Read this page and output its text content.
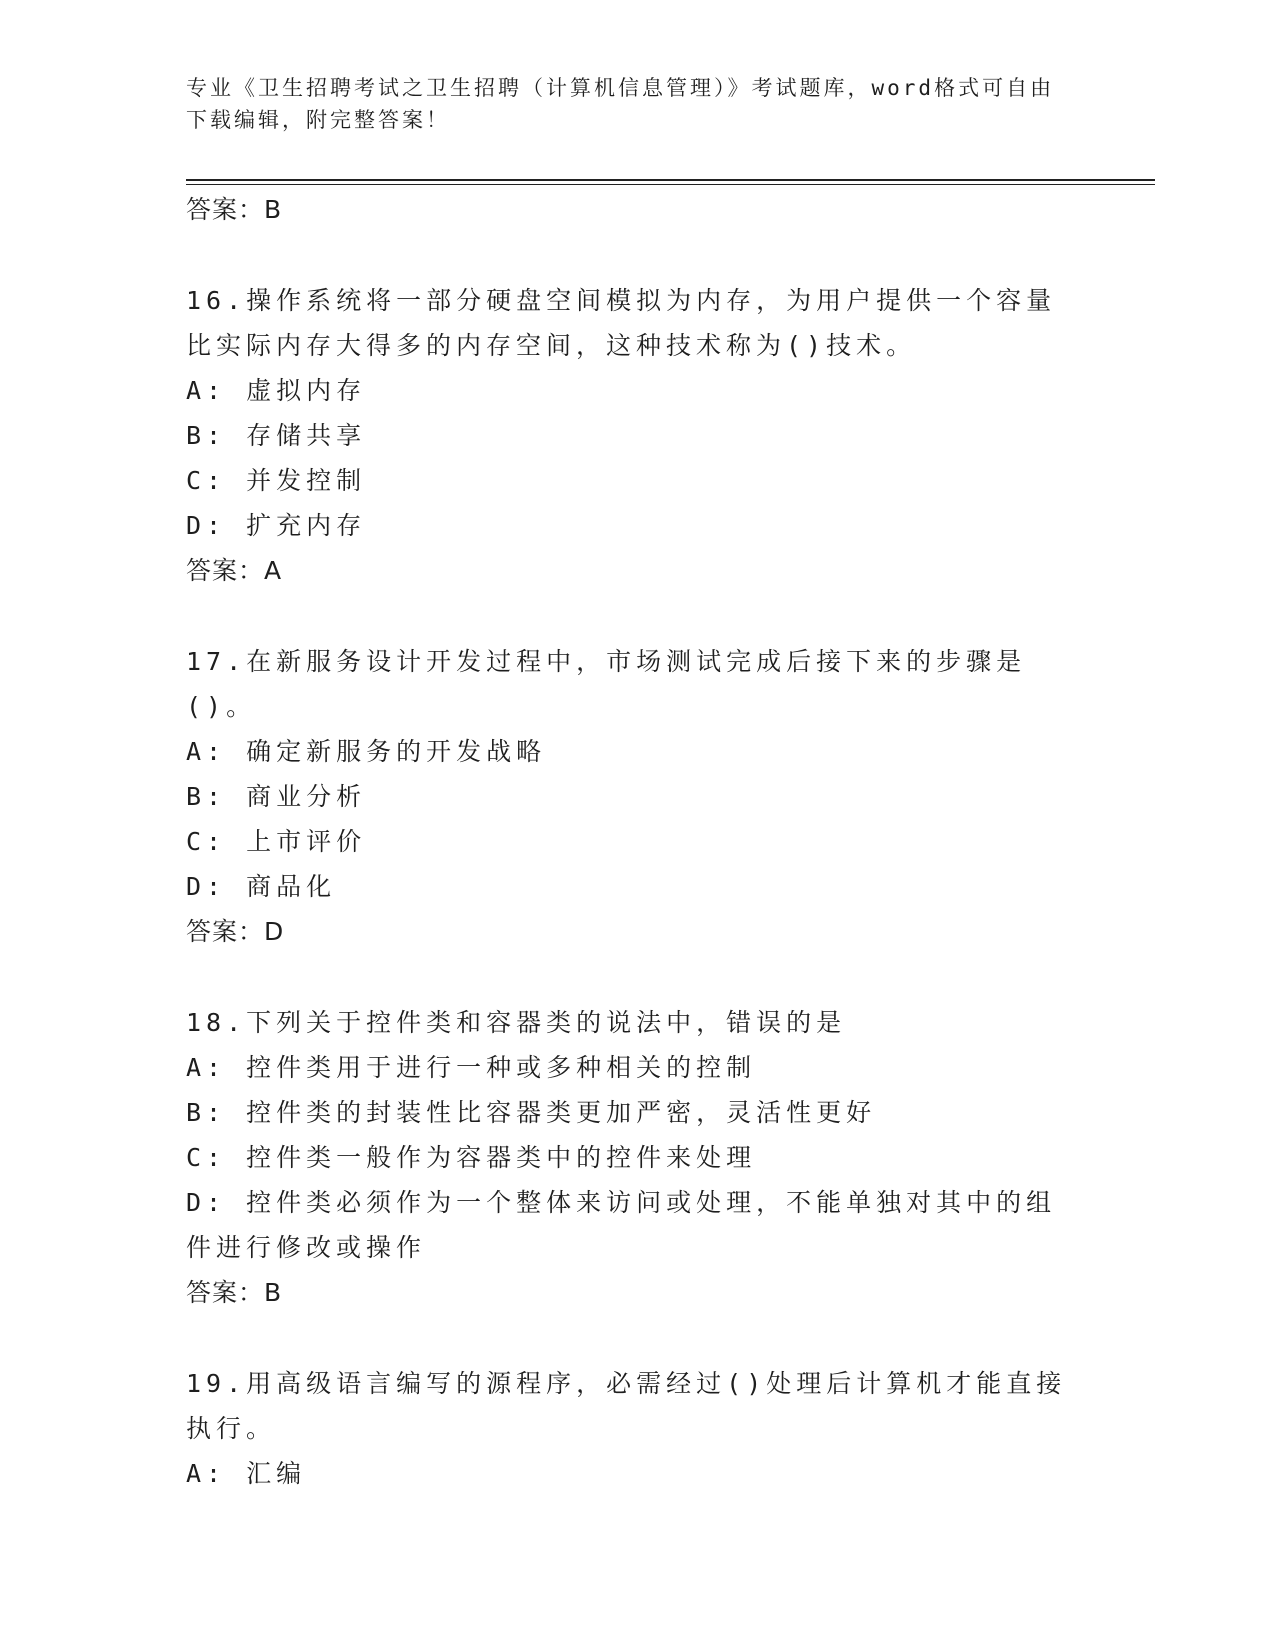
专业《卫生招聘考试之卫生招聘（计算机信息管理）》考试题库，word格式可自由下载编辑，附完整答案！
答案：B
16.操作系统将一部分硬盘空间模拟为内存，为用户提供一个容量比实际内存大得多的内存空间，这种技术称为()技术。
A: 虚拟内存
B: 存储共享
C: 并发控制
D: 扩充内存
答案：A
17.在新服务设计开发过程中，市场测试完成后接下来的步骤是()。
A: 确定新服务的开发战略
B: 商业分析
C: 上市评价
D: 商品化
答案：D
18.下列关于控件类和容器类的说法中，错误的是
A: 控件类用于进行一种或多种相关的控制
B: 控件类的封装性比容器类更加严密，灵活性更好
C: 控件类一般作为容器类中的控件来处理
D: 控件类必须作为一个整体来访问或处理，不能单独对其中的组件进行修改或操作
答案：B
19.用高级语言编写的源程序，必需经过()处理后计算机才能直接执行。
A: 汇编
